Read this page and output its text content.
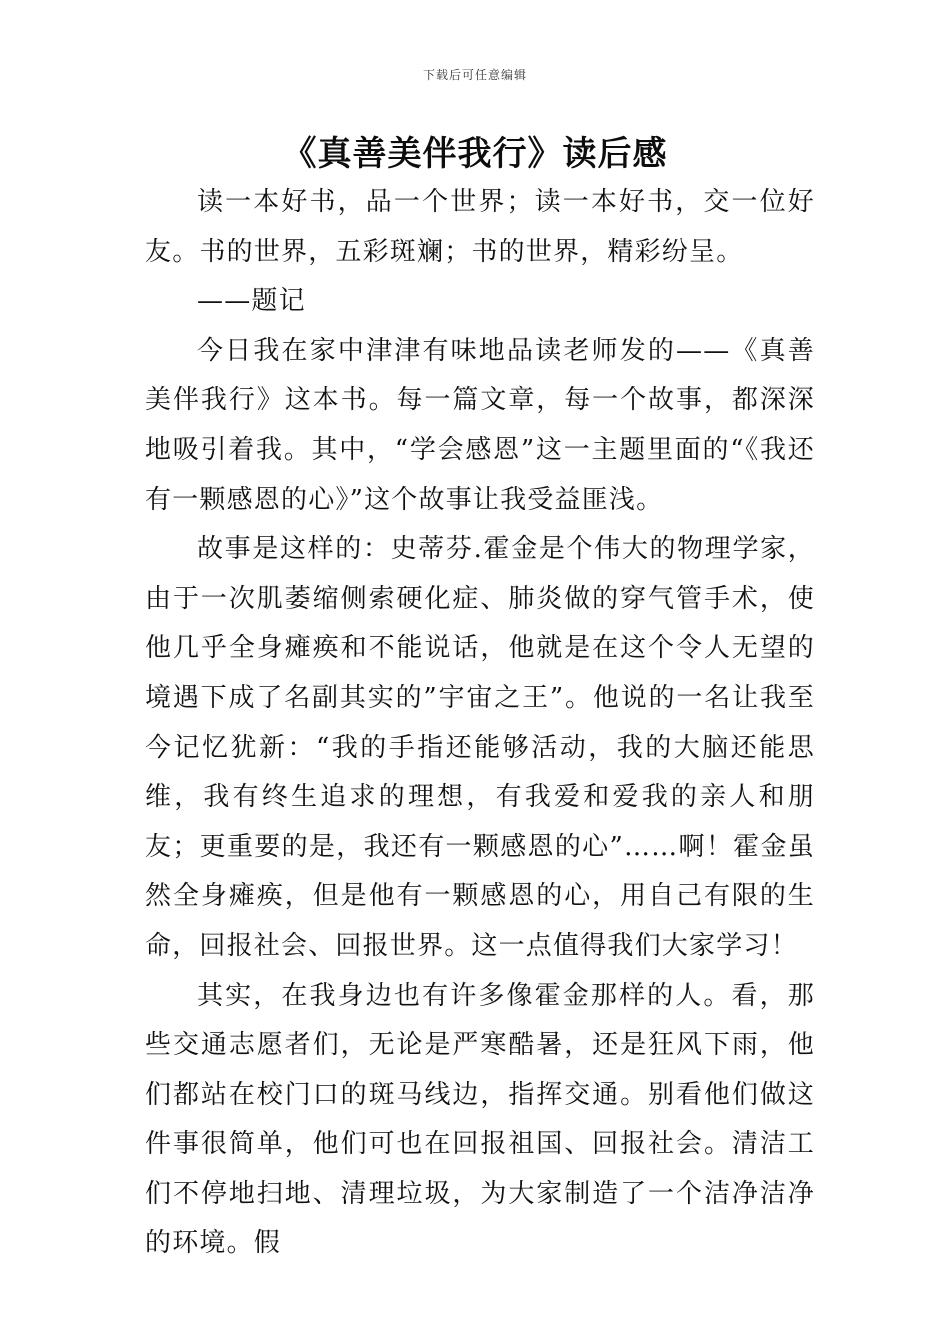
下载后可任意编辑
《真善美伴我行》读后感

读一本好书，品一个世界；读一本好书，交一位好友。书的世界，五彩斑斓；书的世界，精彩纷呈。

——题记

今日我在家中津津有味地品读老师发的——《真善美伴我行》这本书。每一篇文章，每一个故事，都深深地吸引着我。其中，“学会感恩”这一主题里面的“《我还有一颗感恩的心》”这个故事让我受益匪浅。

故事是这样的：史蒂芬.霍金是个伟大的物理学家，由于一次肌萎缩侧索硬化症、肺炎做的穿气管手术，使他几乎全身瘫痪和不能说话，他就是在这个令人无望的境遇下成了名副其实的”宇宙之王”。他说的一名让我至今记忆犹新：“我的手指还能够活动，我的大脑还能思维，我有终生追求的理想，有我爱和爱我的亲人和朋友；更重要的是，我还有一颗感恩的心”……啊！霍金虽然全身瘫痪，但是他有一颗感恩的心，用自己有限的生命，回报社会、回报世界。这一点值得我们大家学习！

其实，在我身边也有许多像霍金那样的人。看，那些交通志愿者们，无论是严寒酷暑，还是狂风下雨，他们都站在校门口的斑马线边，指挥交通。别看他们做这件事很简单，他们可也在回报祖国、回报社会。清洁工们不停地扫地、清理垃圾，为大家制造了一个洁净洁净的环境。假
